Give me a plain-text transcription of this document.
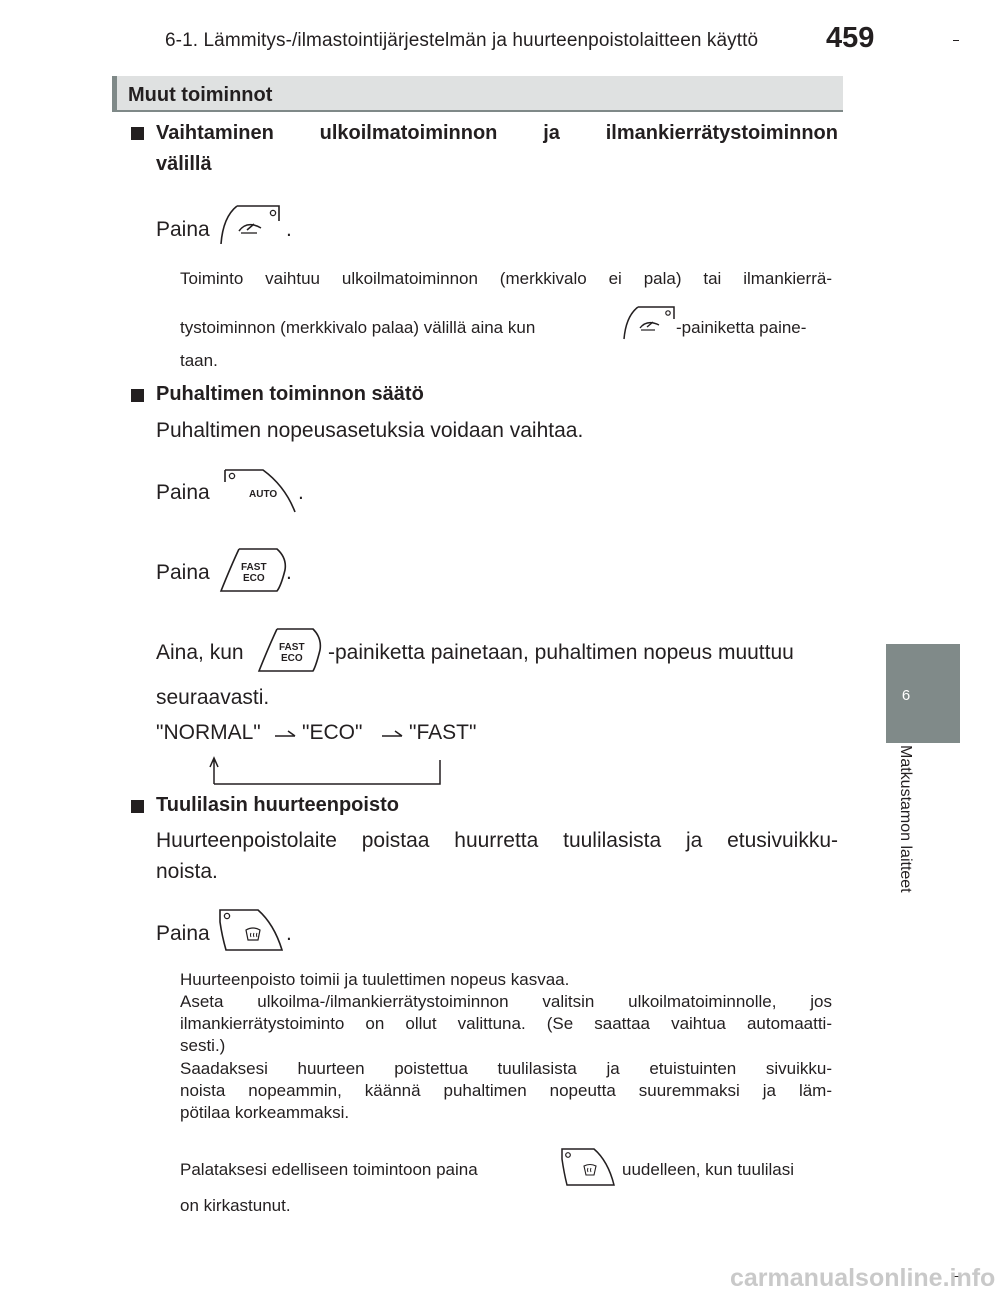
6-1. Lämmitys-/ilmastointijärjestelmän ja huurteenpoistolaitteen käyttö 459
6
Matkustamon laitteet
Muut toiminnot
Vaihtaminen ulkoilmatoiminnon ja ilmankierrätystoiminnon
välillä
Paina	.
Toiminto vaihtuu ulkoilmatoiminnon (merkkivalo ei pala) tai ilmankierrä-
tystoiminnon (merkkivalo palaa) välillä aina kun	-painiketta paine-
taan.
Puhaltimen toiminnon säätö
Puhaltimen nopeusasetuksia voidaan vaihtaa.
Paina	AUTO .
Paina	FAST
ECO .
Aina, kun	FAST
ECO -painiketta painetaan, puhaltimen nopeus muuttuu
seuraavasti.
"NORMAL" "ECO" "FAST"
Tuulilasin huurteenpoisto
Huurteenpoistolaite poistaa huurretta tuulilasista ja etusivuikku-
noista.
Paina	.
Huurteenpoisto toimii ja tuulettimen nopeus kasvaa.
Aseta ulkoilma-/ilmankierrätystoiminnon valitsin ulkoilmatoiminnolle, jos
ilmankierrätystoiminto on ollut valittuna. (Se saattaa vaihtua automaatti-
sesti.)
Saadaksesi huurteen poistettua tuulilasista ja etuistuinten sivuikku-
noista nopeammin, käännä puhaltimen nopeutta suuremmaksi ja läm-
pötilaa korkeammaksi.
Palataksesi edelliseen toimintoon paina	uudelleen, kun tuulilasi
on kirkastunut.
carmanualsonline.info
